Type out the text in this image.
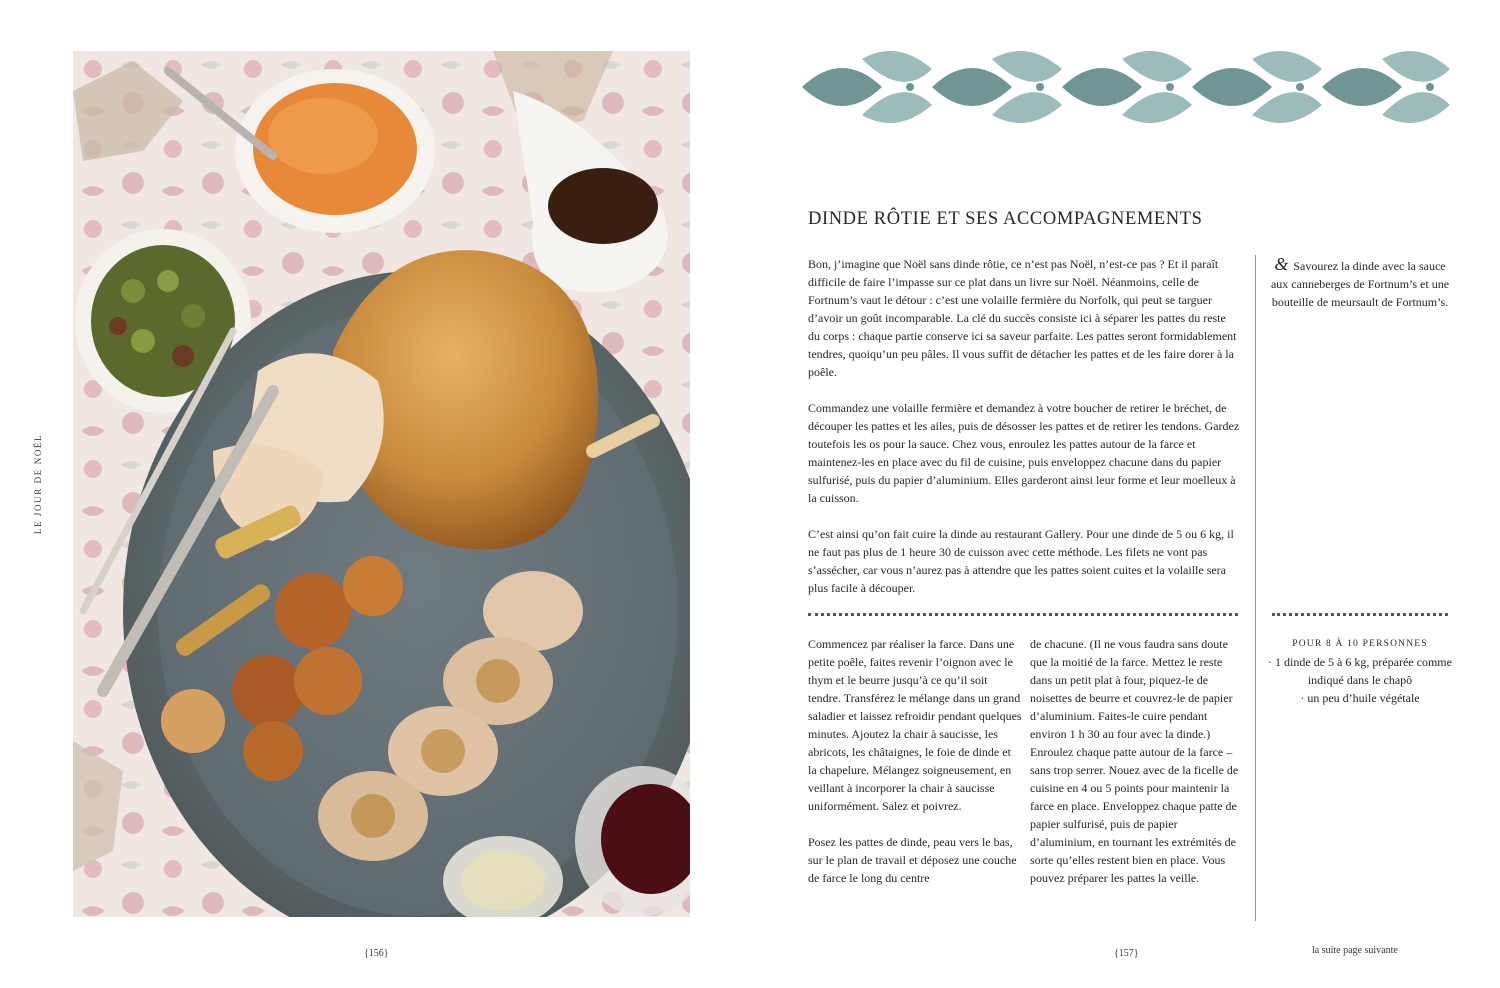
LE JOUR DE NOËL
{156}
DINDE RÔTIE ET SES ACCOMPAGNEMENTS

Bon, j’imagine que Noël sans dinde rôtie, ce n’est pas Noël, n’est-ce pas ? Et il paraît difficile de faire l’impasse sur ce plat dans un livre sur Noël. Néanmoins, celle de Fortnum’s vaut le détour : c’est une volaille fermière du Norfolk, qui peut se targuer d’avoir un goût incomparable. La clé du succès consiste ici à séparer les pattes du reste du corps : chaque partie conserve ici sa saveur parfaite. Les pattes seront formidablement tendres, quoiqu’un peu pâles. Il vous suffit de détacher les pattes et de les faire dorer à la poêle.

Commandez une volaille fermière et demandez à votre boucher de retirer le bréchet, de découper les pattes et les ailes, puis de désosser les pattes et de retirer les tendons. Gardez toutefois les os pour la sauce. Chez vous, enroulez les pattes autour de la farce et maintenez-les en place avec du fil de cuisine, puis enveloppez chacune dans du papier sulfurisé, puis du papier d’aluminium. Elles garderont ainsi leur forme et leur moelleux à la cuisson.

C’est ainsi qu’on fait cuire la dinde au restaurant Gallery. Pour une dinde de 5 ou 6 kg, il ne faut pas plus de 1 heure 30 de cuisson avec cette méthode. Les filets ne vont pas s’assécher, car vous n’aurez pas à attendre que les pattes soient cuites et la volaille sera plus facile à découper.

& Savourez la dinde avec la sauce aux canneberges de Fortnum’s et une bouteille de meursault de Fortnum’s.

Commencez par réaliser la farce. Dans une petite poêle, faites revenir l’oignon avec le thym et le beurre jusqu’à ce qu’il soit tendre. Transférez le mélange dans un grand saladier et laissez refroidir pendant quelques minutes. Ajoutez la chair à saucisse, les abricots, les châtaignes, le foie de dinde et la chapelure. Mélangez soigneusement, en veillant à incorporer la chair à saucisse uniformément. Salez et poivrez.

Posez les pattes de dinde, peau vers le bas, sur le plan de travail et déposez une couche de farce le long du centre

de chacune. (Il ne vous faudra sans doute que la moitié de la farce. Mettez le reste dans un petit plat à four, piquez-le de noisettes de beurre et couvrez-le de papier d’aluminium. Faites-le cuire pendant environ 1 h 30 au four avec la dinde.) Enroulez chaque patte autour de la farce – sans trop serrer. Nouez avec de la ficelle de cuisine en 4 ou 5 points pour maintenir la farce en place. Enveloppez chaque patte de papier sulfurisé, puis de papier d’aluminium, en tournant les extrémités de sorte qu’elles restent bien en place. Vous pouvez préparer les pattes la veille.

POUR 8 À 10 PERSONNES
· 1 dinde de 5 à 6 kg, préparée comme indiqué dans le chapô
· un peu d’huile végétale
{157}	la suite page suivante
